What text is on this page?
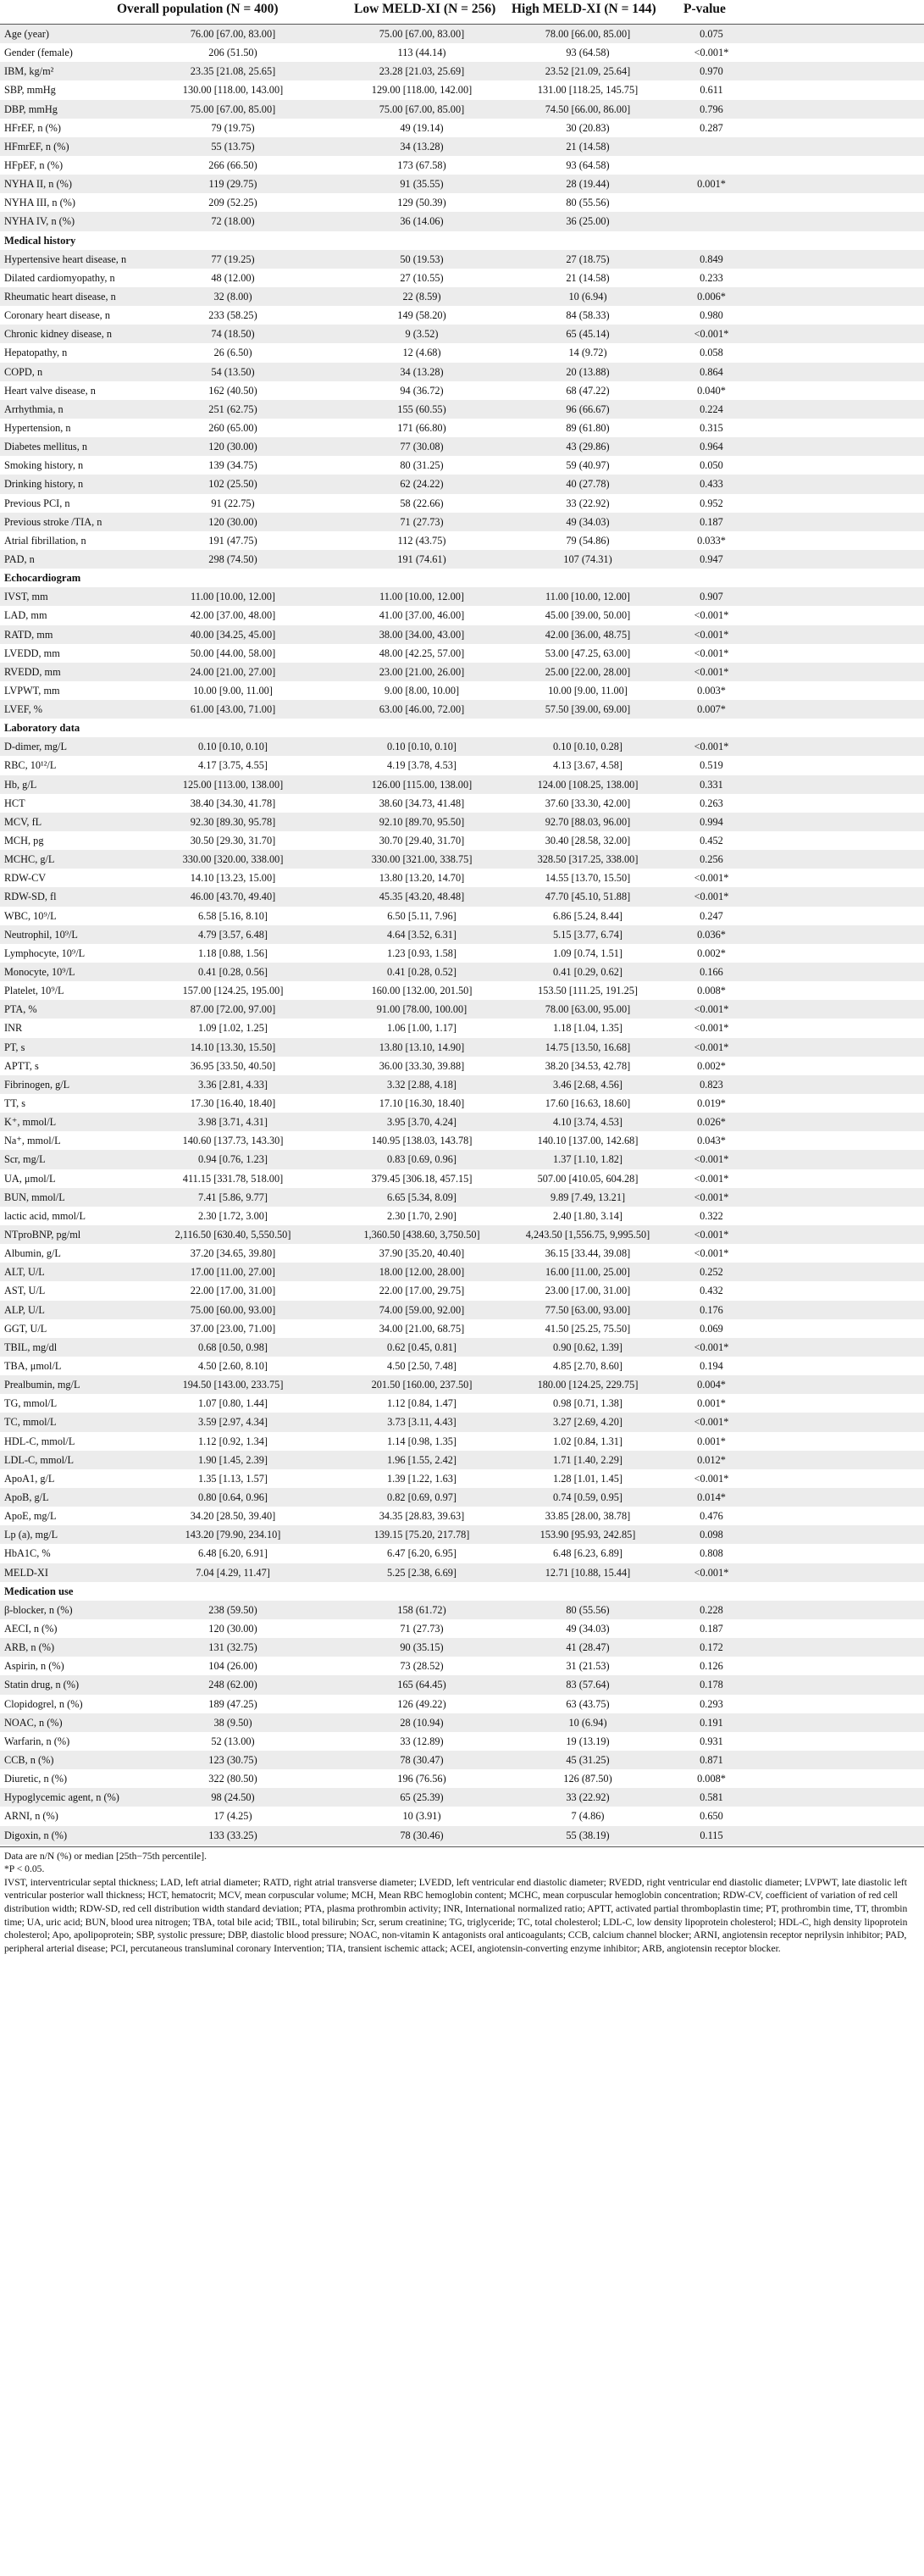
Overall population (N = 400)	Low MELD-XI (N = 256) High MELD-XI (N = 144) P-value
Age (year)	76.00 [67.00, 83.00]	75.00 [67.00, 83.00]	78.00 [66.00, 85.00]	0.075
Gender (female)	206 (51.50)	113 (44.14)	93 (64.58)	<0.001*
IBM, kg/m²	23.35 [21.08, 25.65]	23.28 [21.03, 25.69]	23.52 [21.09, 25.64]	0.970
SBP, mmHg	130.00 [118.00, 143.00]	129.00 [118.00, 142.00]	131.00 [118.25, 145.75]	0.611
DBP, mmHg	75.00 [67.00, 85.00]	75.00 [67.00, 85.00]	74.50 [66.00, 86.00]	0.796
HFrEF, n (%)	79 (19.75)	49 (19.14)	30 (20.83)	0.287
HFmrEF, n (%)	55 (13.75)	34 (13.28)	21 (14.58)
HFpEF, n (%)	266 (66.50)	173 (67.58)	93 (64.58)
NYHA II, n (%)	119 (29.75)	91 (35.55)	28 (19.44)	0.001*
NYHA III, n (%)	209 (52.25)	129 (50.39)	80 (55.56)
NYHA IV, n (%)	72 (18.00)	36 (14.06)	36 (25.00)
Medical history
Hypertensive heart disease, n	77 (19.25)	50 (19.53)	27 (18.75)	0.849
Dilated cardiomyopathy, n	48 (12.00)	27 (10.55)	21 (14.58)	0.233
Rheumatic heart disease, n	32 (8.00)	22 (8.59)	10 (6.94)	0.006*
Coronary heart disease, n	233 (58.25)	149 (58.20)	84 (58.33)	0.980
Chronic kidney disease, n	74 (18.50)	9 (3.52)	65 (45.14)	<0.001*
Hepatopathy, n	26 (6.50)	12 (4.68)	14 (9.72)	0.058
COPD, n	54 (13.50)	34 (13.28)	20 (13.88)	0.864
Heart valve disease, n	162 (40.50)	94 (36.72)	68 (47.22)	0.040*
Arrhythmia, n	251 (62.75)	155 (60.55)	96 (66.67)	0.224
Hypertension, n	260 (65.00)	171 (66.80)	89 (61.80)	0.315
Diabetes mellitus, n	120 (30.00)	77 (30.08)	43 (29.86)	0.964
Smoking history, n	139 (34.75)	80 (31.25)	59 (40.97)	0.050
Drinking history, n	102 (25.50)	62 (24.22)	40 (27.78)	0.433
Previous PCI, n	91 (22.75)	58 (22.66)	33 (22.92)	0.952
Previous stroke /TIA, n	120 (30.00)	71 (27.73)	49 (34.03)	0.187
Atrial fibrillation, n	191 (47.75)	112 (43.75)	79 (54.86)	0.033*
PAD, n	298 (74.50)	191 (74.61)	107 (74.31)	0.947
Echocardiogram
IVST, mm	11.00 [10.00, 12.00]	11.00 [10.00, 12.00]	11.00 [10.00, 12.00]	0.907
LAD, mm	42.00 [37.00, 48.00]	41.00 [37.00, 46.00]	45.00 [39.00, 50.00]	<0.001*
RATD, mm	40.00 [34.25, 45.00]	38.00 [34.00, 43.00]	42.00 [36.00, 48.75]	<0.001*
LVEDD, mm	50.00 [44.00, 58.00]	48.00 [42.25, 57.00]	53.00 [47.25, 63.00]	<0.001*
RVEDD, mm	24.00 [21.00, 27.00]	23.00 [21.00, 26.00]	25.00 [22.00, 28.00]	<0.001*
LVPWT, mm	10.00 [9.00, 11.00]	9.00 [8.00, 10.00]	10.00 [9.00, 11.00]	0.003*
LVEF, %	61.00 [43.00, 71.00]	63.00 [46.00, 72.00]	57.50 [39.00, 69.00]	0.007*
Laboratory data
D-dimer, mg/L	0.10 [0.10, 0.10]	0.10 [0.10, 0.10]	0.10 [0.10, 0.28]	<0.001*
RBC, 10¹²/L	4.17 [3.75, 4.55]	4.19 [3.78, 4.53]	4.13 [3.67, 4.58]	0.519
Hb, g/L	125.00 [113.00, 138.00]	126.00 [115.00, 138.00]	124.00 [108.25, 138.00]	0.331
HCT	38.40 [34.30, 41.78]	38.60 [34.73, 41.48]	37.60 [33.30, 42.00]	0.263
MCV, fL	92.30 [89.30, 95.78]	92.10 [89.70, 95.50]	92.70 [88.03, 96.00]	0.994
MCH, pg	30.50 [29.30, 31.70]	30.70 [29.40, 31.70]	30.40 [28.58, 32.00]	0.452
MCHC, g/L	330.00 [320.00, 338.00]	330.00 [321.00, 338.75]	328.50 [317.25, 338.00]	0.256
RDW-CV	14.10 [13.23, 15.00]	13.80 [13.20, 14.70]	14.55 [13.70, 15.50]	<0.001*
RDW-SD, fl	46.00 [43.70, 49.40]	45.35 [43.20, 48.48]	47.70 [45.10, 51.88]	<0.001*
WBC, 10⁹/L	6.58 [5.16, 8.10]	6.50 [5.11, 7.96]	6.86 [5.24, 8.44]	0.247
Neutrophil, 10⁹/L	4.79 [3.57, 6.48]	4.64 [3.52, 6.31]	5.15 [3.77, 6.74]	0.036*
Lymphocyte, 10⁹/L	1.18 [0.88, 1.56]	1.23 [0.93, 1.58]	1.09 [0.74, 1.51]	0.002*
Monocyte, 10⁹/L	0.41 [0.28, 0.56]	0.41 [0.28, 0.52]	0.41 [0.29, 0.62]	0.166
Platelet, 10⁹/L	157.00 [124.25, 195.00]	160.00 [132.00, 201.50]	153.50 [111.25, 191.25]	0.008*
PTA, %	87.00 [72.00, 97.00]	91.00 [78.00, 100.00]	78.00 [63.00, 95.00]	<0.001*
INR	1.09 [1.02, 1.25]	1.06 [1.00, 1.17]	1.18 [1.04, 1.35]	<0.001*
PT, s	14.10 [13.30, 15.50]	13.80 [13.10, 14.90]	14.75 [13.50, 16.68]	<0.001*
APTT, s	36.95 [33.50, 40.50]	36.00 [33.30, 39.88]	38.20 [34.53, 42.78]	0.002*
Fibrinogen, g/L	3.36 [2.81, 4.33]	3.32 [2.88, 4.18]	3.46 [2.68, 4.56]	0.823
TT, s	17.30 [16.40, 18.40]	17.10 [16.30, 18.40]	17.60 [16.63, 18.60]	0.019*
K⁺, mmol/L	3.98 [3.71, 4.31]	3.95 [3.70, 4.24]	4.10 [3.74, 4.53]	0.026*
Na⁺, mmol/L	140.60 [137.73, 143.30]	140.95 [138.03, 143.78]	140.10 [137.00, 142.68]	0.043*
Scr, mg/L	0.94 [0.76, 1.23]	0.83 [0.69, 0.96]	1.37 [1.10, 1.82]	<0.001*
UA, μmol/L	411.15 [331.78, 518.00]	379.45 [306.18, 457.15]	507.00 [410.05, 604.28]	<0.001*
BUN, mmol/L	7.41 [5.86, 9.77]	6.65 [5.34, 8.09]	9.89 [7.49, 13.21]	<0.001*
lactic acid, mmol/L	2.30 [1.72, 3.00]	2.30 [1.70, 2.90]	2.40 [1.80, 3.14]	0.322
NTproBNP, pg/ml	2,116.50 [630.40, 5,550.50]	1,360.50 [438.60, 3,750.50]	4,243.50 [1,556.75, 9,995.50]	<0.001*
Albumin, g/L	37.20 [34.65, 39.80]	37.90 [35.20, 40.40]	36.15 [33.44, 39.08]	<0.001*
ALT, U/L	17.00 [11.00, 27.00]	18.00 [12.00, 28.00]	16.00 [11.00, 25.00]	0.252
AST, U/L	22.00 [17.00, 31.00]	22.00 [17.00, 29.75]	23.00 [17.00, 31.00]	0.432
ALP, U/L	75.00 [60.00, 93.00]	74.00 [59.00, 92.00]	77.50 [63.00, 93.00]	0.176
GGT, U/L	37.00 [23.00, 71.00]	34.00 [21.00, 68.75]	41.50 [25.25, 75.50]	0.069
TBIL, mg/dl	0.68 [0.50, 0.98]	0.62 [0.45, 0.81]	0.90 [0.62, 1.39]	<0.001*
TBA, μmol/L	4.50 [2.60, 8.10]	4.50 [2.50, 7.48]	4.85 [2.70, 8.60]	0.194
Prealbumin, mg/L	194.50 [143.00, 233.75]	201.50 [160.00, 237.50]	180.00 [124.25, 229.75]	0.004*
TG, mmol/L	1.07 [0.80, 1.44]	1.12 [0.84, 1.47]	0.98 [0.71, 1.38]	0.001*
TC, mmol/L	3.59 [2.97, 4.34]	3.73 [3.11, 4.43]	3.27 [2.69, 4.20]	<0.001*
HDL-C, mmol/L	1.12 [0.92, 1.34]	1.14 [0.98, 1.35]	1.02 [0.84, 1.31]	0.001*
LDL-C, mmol/L	1.90 [1.45, 2.39]	1.96 [1.55, 2.42]	1.71 [1.40, 2.29]	0.012*
ApoA1, g/L	1.35 [1.13, 1.57]	1.39 [1.22, 1.63]	1.28 [1.01, 1.45]	<0.001*
ApoB, g/L	0.80 [0.64, 0.96]	0.82 [0.69, 0.97]	0.74 [0.59, 0.95]	0.014*
ApoE, mg/L	34.20 [28.50, 39.40]	34.35 [28.83, 39.63]	33.85 [28.00, 38.78]	0.476
Lp (a), mg/L	143.20 [79.90, 234.10]	139.15 [75.20, 217.78]	153.90 [95.93, 242.85]	0.098
HbA1C, %	6.48 [6.20, 6.91]	6.47 [6.20, 6.95]	6.48 [6.23, 6.89]	0.808
MELD-XI	7.04 [4.29, 11.47]	5.25 [2.38, 6.69]	12.71 [10.88, 15.44]	<0.001*
Medication use
β-blocker, n (%)	238 (59.50)	158 (61.72)	80 (55.56)	0.228
AECI, n (%)	120 (30.00)	71 (27.73)	49 (34.03)	0.187
ARB, n (%)	131 (32.75)	90 (35.15)	41 (28.47)	0.172
Aspirin, n (%)	104 (26.00)	73 (28.52)	31 (21.53)	0.126
Statin drug, n (%)	248 (62.00)	165 (64.45)	83 (57.64)	0.178
Clopidogrel, n (%)	189 (47.25)	126 (49.22)	63 (43.75)	0.293
NOAC, n (%)	38 (9.50)	28 (10.94)	10 (6.94)	0.191
Warfarin, n (%)	52 (13.00)	33 (12.89)	19 (13.19)	0.931
CCB, n (%)	123 (30.75)	78 (30.47)	45 (31.25)	0.871
Diuretic, n (%)	322 (80.50)	196 (76.56)	126 (87.50)	0.008*
Hypoglycemic agent, n (%)	98 (24.50)	65 (25.39)	33 (22.92)	0.581
ARNI, n (%)	17 (4.25)	10 (3.91)	7 (4.86)	0.650
Digoxin, n (%)	133 (33.25)	78 (30.46)	55 (38.19)	0.115

Data are n/N (%) or median [25th−75th percentile].

*P < 0.05.

IVST, interventricular septal thickness; LAD, left atrial diameter; RATD, right atrial transverse diameter; LVEDD, left ventricular end diastolic diameter; RVEDD, right ventricular end diastolic diameter; LVPWT, late diastolic left ventricular posterior wall thickness; HCT, hematocrit; MCV, mean corpuscular volume; MCH, Mean RBC hemoglobin content; MCHC, mean corpuscular hemoglobin concentration; RDW-CV, coefficient of variation of red cell distribution width; RDW-SD, red cell distribution width standard deviation; PTA, plasma prothrombin activity; INR, International normalized ratio; APTT, activated partial thromboplastin time; PT, prothrombin time, TT, thrombin time; UA, uric acid; BUN, blood urea nitrogen; TBA, total bile acid; TBIL, total bilirubin; Scr, serum creatinine; TG, triglyceride; TC, total cholesterol; LDL-C, low density lipoprotein cholesterol; HDL-C, high density lipoprotein cholesterol; Apo, apolipoprotein; SBP, systolic pressure; DBP, diastolic blood pressure; NOAC, non-vitamin K antagonists oral anticoagulants; CCB, calcium channel blocker; ARNI, angiotensin receptor neprilysin inhibitor; PAD, peripheral arterial disease; PCI, percutaneous transluminal coronary Intervention; TIA, transient ischemic attack; ACEI, angiotensin-converting enzyme inhibitor; ARB, angiotensin receptor blocker.
